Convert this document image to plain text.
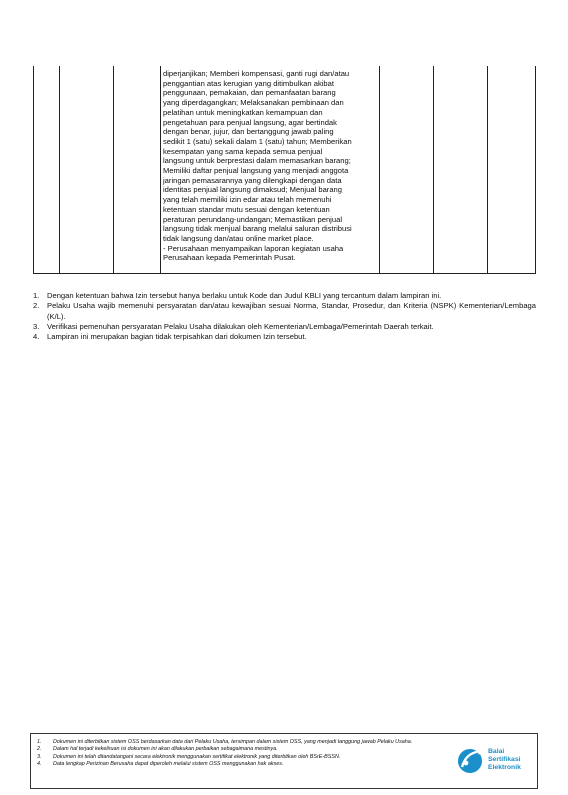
diperjanjikan; Memberi kompensasi, ganti rugi dan/atau
penggantian atas kerugian yang ditimbulkan akibat
penggunaan, pemakaian, dan pemanfaatan barang
yang diperdagangkan; Melaksanakan pembinaan dan
pelatihan untuk meningkatkan kemampuan dan
pengetahuan para penjual langsung, agar bertindak
dengan benar, jujur, dan bertanggung jawab paling
sedikit 1 (satu) sekali dalam 1 (satu) tahun; Memberikan
kesempatan yang sama kepada semua penjual
langsung untuk berprestasi dalam memasarkan barang;
Memiliki daftar penjual langsung yang menjadi anggota
jaringan pemasarannya yang dilengkapi dengan data
identitas penjual langsung dimaksud; Menjual barang
yang telah memiliki izin edar atau telah memenuhi
ketentuan standar mutu sesuai dengan ketentuan
peraturan perundang-undangan; Memastikan penjual
langsung tidak menjual barang melalui saluran distribusi
tidak langsung dan/atau online market place.
- Perusahaan menyampaikan laporan kegiatan usaha
Perusahaan kepada Pemerintah Pusat.
1. Dengan ketentuan bahwa Izin tersebut hanya berlaku untuk Kode dan Judul KBLI yang tercantum dalam lampiran ini.
2. Pelaku Usaha wajib memenuhi persyaratan dan/atau kewajiban sesuai Norma, Standar, Prosedur, dan Kriteria (NSPK) Kementerian/Lembaga (K/L).
3. Verifikasi pemenuhan persyaratan Pelaku Usaha dilakukan oleh Kementerian/Lembaga/Pemerintah Daerah terkait.
4. Lampiran ini merupakan bagian tidak terpisahkan dari dokumen Izin tersebut.
1. Dokumen ini diterbitkan sistem OSS berdasarkan data dari Pelaku Usaha, tersimpan dalam sistem OSS, yang menjadi tanggung jawab Pelaku Usaha.
2. Dalam hal terjadi kekeliruan isi dokumen ini akan dilakukan perbaikan sebagaimana mestinya.
3. Dokumen ini telah ditandatangani secara elektronik menggunakan sertifikat elektronik yang diterbitkan oleh BSrE-BSSN.
4. Data lengkap Perizinan Berusaha dapat diperoleh melalui sistem OSS menggunakan hak akses.
Balai
Sertifikasi
Elektronik
